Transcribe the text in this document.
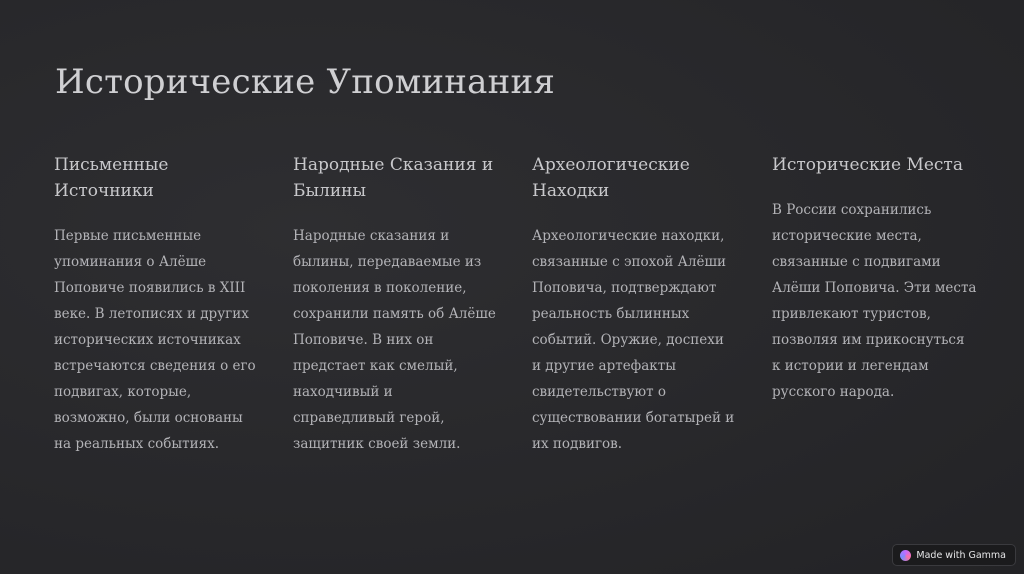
Исторические Упоминания
Письменные Источники

Первые письменные упоминания о Алёше Поповиче появились в XIII веке. В летописях и других исторических источниках встречаются сведения о его подвигах, которые, возможно, были основаны на реальных событиях.

Народные Сказания и Былины

Народные сказания и былины, передаваемые из поколения в поколение, сохранили память об Алёше Поповиче. В них он предстает как смелый, находчивый и справедливый герой, защитник своей земли.

Археологические Находки

Археологические находки, связанные с эпохой Алёши Поповича, подтверждают реальность былинных событий. Оружие, доспехи и другие артефакты свидетельствуют о существовании богатырей и их подвигов.

Исторические Места

В России сохранились исторические места, связанные с подвигами Алёши Поповича. Эти места привлекают туристов, позволяя им прикоснуться к истории и легендам русского народа.

Made with Gamma
